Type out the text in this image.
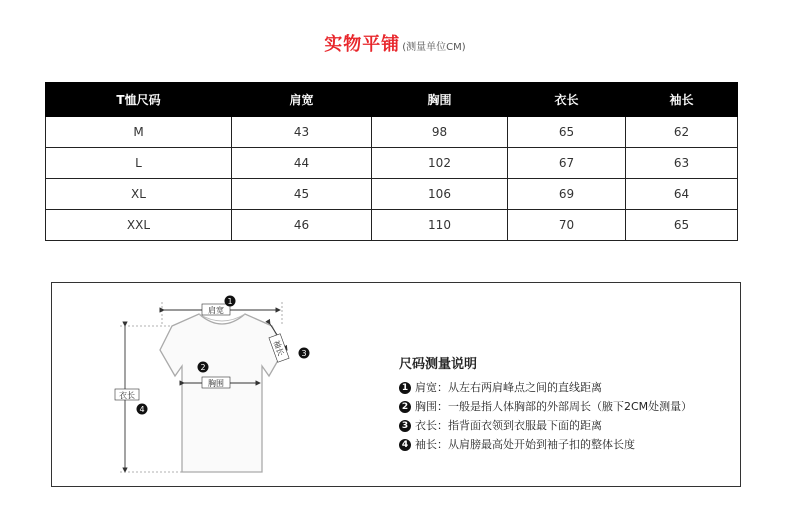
实物平铺 (测量单位CM)
T恤尺码	肩宽	胸围	衣长	袖长
M	43	98	65	62
L	44	102	67	63
XL	45	106	69	64
XXL	46	110	70	65
肩宽
1
胸围
2
衣长
4
袖长 3
尺码测量说明
1 肩宽：从左右两肩峰点之间的直线距离
2 胸围：一般是指人体胸部的外部周长（腋下2CM处测量）
3 衣长：指背面衣领到衣服最下面的距离
4 袖长：从肩膀最高处开始到袖子扣的整体长度
